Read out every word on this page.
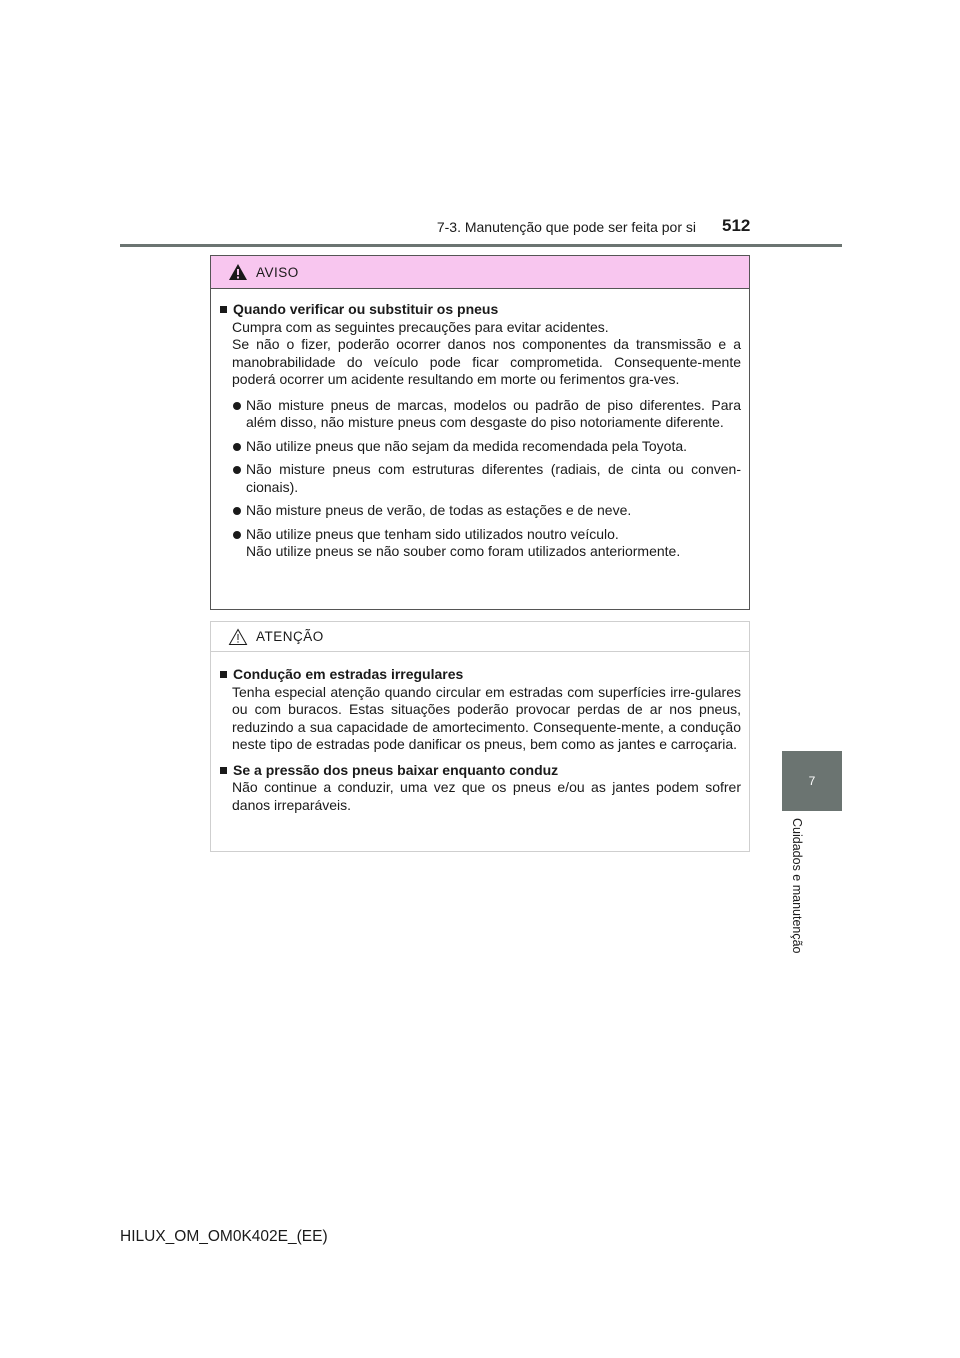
7-3. Manutenção que pode ser feita por si 512
7
Cuidados e manutenção
AVISO
Quando verificar ou substituir os pneus
Cumpra com as seguintes precauções para evitar acidentes.
Se não o fizer, poderão ocorrer danos nos componentes da transmissão e a manobrabilidade do veículo pode ficar comprometida. Consequente-mente poderá ocorrer um acidente resultando em morte ou ferimentos gra-ves.
Não misture pneus de marcas, modelos ou padrão de piso diferentes. Para além disso, não misture pneus com desgaste do piso notoriamente diferente.
Não utilize pneus que não sejam da medida recomendada pela Toyota.
Não misture pneus com estruturas diferentes (radiais, de cinta ou conven-cionais).
Não misture pneus de verão, de todas as estações e de neve.
Não utilize pneus que tenham sido utilizados noutro veículo.
Não utilize pneus se não souber como foram utilizados anteriormente.
ATENÇÃO
Condução em estradas irregulares
Tenha especial atenção quando circular em estradas com superfícies irre-gulares ou com buracos. Estas situações poderão provocar perdas de ar nos pneus, reduzindo a sua capacidade de amortecimento. Consequente-mente, a condução neste tipo de estradas pode danificar os pneus, bem como as jantes e carroçaria.
Se a pressão dos pneus baixar enquanto conduz
Não continue a conduzir, uma vez que os pneus e/ou as jantes podem sofrer danos irreparáveis.
HILUX_OM_OM0K402E_(EE)
